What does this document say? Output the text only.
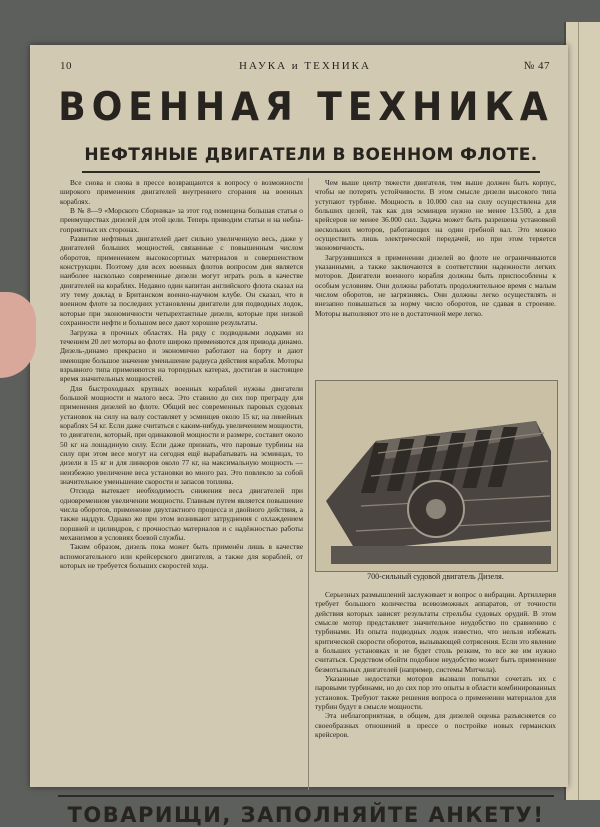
10	НАУКА и ТЕХНИКА	№ 47
ВОЕННАЯ ТЕХНИКА
НЕФТЯНЫЕ ДВИГАТЕЛИ В ВОЕННОМ ФЛОТЕ.

Все снова и снова в прессе возвращаются к вопросу о возможности широкого применения двигателей внутреннего сгорания на военных кораблях.

В № 8—9 «Морского Сборника» за этот год помещена большая статья о преимуществах дизелей для этой цели. Теперь приводим статьи и на неблагоприятных их сторонах.

Развитие нефтяных двигателей дает сильно увеличенную весь, даже у двигателей больших мощностей, связанные с повышенным числом оборотов, применением высокосортных материалов и совершенством конструкции. Поэтому для всех военных флотов вопросом дня является наиболее насколько современные дизели могут играть роль в качестве двигателей на кораблях. Недавно один капитан английского флота сказал на эту тему доклад в Британском военно-научном клубе. Он сказал, что в военном флоте за последних установлены двигатели для подводных лодок, которые при экономичности четырехтактные дизели, которые при низкой сохранности нефти и большом весе дают хорошие результаты.

Загрузка в прочных областях. На ряду с подводными лодками из течением 20 лет моторы во флоте широко применяются для привода динамо. Дизель-динамо прекрасно и экономично работают на борту и дают имеющие большое значение уменьшение радиуса действия корабля. Моторы взрывного типа применяются на торпедных катерах, достигая в настоящее время значительных мощностей.

Для быстроходных крупных военных кораблей нужны двигатели большой мощности и малого веса. Это ставило до сих пор преграду для применения дизелей во флоте. Общий вес современных паровых судовых установок на силу на валу составляет у эсминцев около 15 кг, на линейных кораблях 54 кг. Если даже считаться с каким-нибудь увеличением мощности, то двигатели, который, при одинаковой мощности и размере, составит около 50 кг на лошадиную силу. Если даже признать, что паровые турбины на силу при этом весе могут на сегодня ещё вырабатывать на эсминцах, то дизели в 15 кг и для линкоров около 77 кг, на максимальную мощность — неизбежно увеличение веса установки во много раз. Это повлекло за собой значительное уменьшение скорости и запасов топлива.

Отсюда вытекает необходимость снижения веса двигателей при одновременном увеличении мощности. Главным путем является повышение числа оборотов, применение двухтактного процесса и двойного действия, а также наддув. Однако же при этом возникают затруднения с охлаждением поршней и цилиндров, с прочностью материалов и с надёжностью работы механизмов в условиях боевой службы.

Таким образом, дизель пока может быть применён лишь в качестве вспомогательного или крейсерского двигателя, а также для кораблей, от которых не требуется больших скоростей хода.

Чем выше центр тяжести двигателя, тем выше должен быть корпус, чтобы не потерять устойчивости. В этом смысле дизели высокого типа уступают турбине. Мощность в 10.000 сил на силу осуществлена для больших целей, так как для эсминцев нужно не менее 13.500, а для крейсеров не менее 36.000 сил. Задача может быть разрешена установкой нескольких моторов, работающих на один гребной вал. Это можно осуществить лишь электрической передачей, но при этом теряется экономичность.

Загрузившихся в применении дизелей во флоте не ограничиваются указанными, а также заключаются в соответствии надежности легких моторов. Двигатели военного корабля должны быть приспособлены к особым условиям. Они должны работать продолжительное время с малым числом оборотов, не загрязняясь. Они должны легко осуществлять и внезапно повышаться за норму число оборотов, не сдавая в строение. Моторы выполняют это не в достаточной мере легко.

700-сильный судовой двигатель Дизеля.

Серьезных размышлений заслуживает и вопрос о вибрации. Артиллерия требует большого количества всевозможных аппаратов, от точности действия которых зависят результаты стрельбы судовых орудий. В этом смысле мотор представляет значительное неудобство по сравнению с турбинами. Из опыта подводных лодок известно, что нельзя избежать критической скорости оборотов, вызывающей сотрясения. Если это явление в больших установках и не будет столь резким, то все же им нужно считаться. Средством обойти подобное неудобство может быть применение безмотыльных двигателей (например, системы Митчела).

Указанные недостатки моторов вызвали попытки сочетать их с паровыми турбинами, но до сих пор это опыты в области комбинированных установок. Требуют также решения вопроса о применении материалов для турбин будут в смысле мощности.

Эта неблагоприятная, в общем, для дизелей оценка разъясняется со своеобразных отношений в прессе о постройке новых германских крейсеров.

ТОВАРИЩИ, ЗАПОЛНЯЙТЕ АНКЕТУ!
